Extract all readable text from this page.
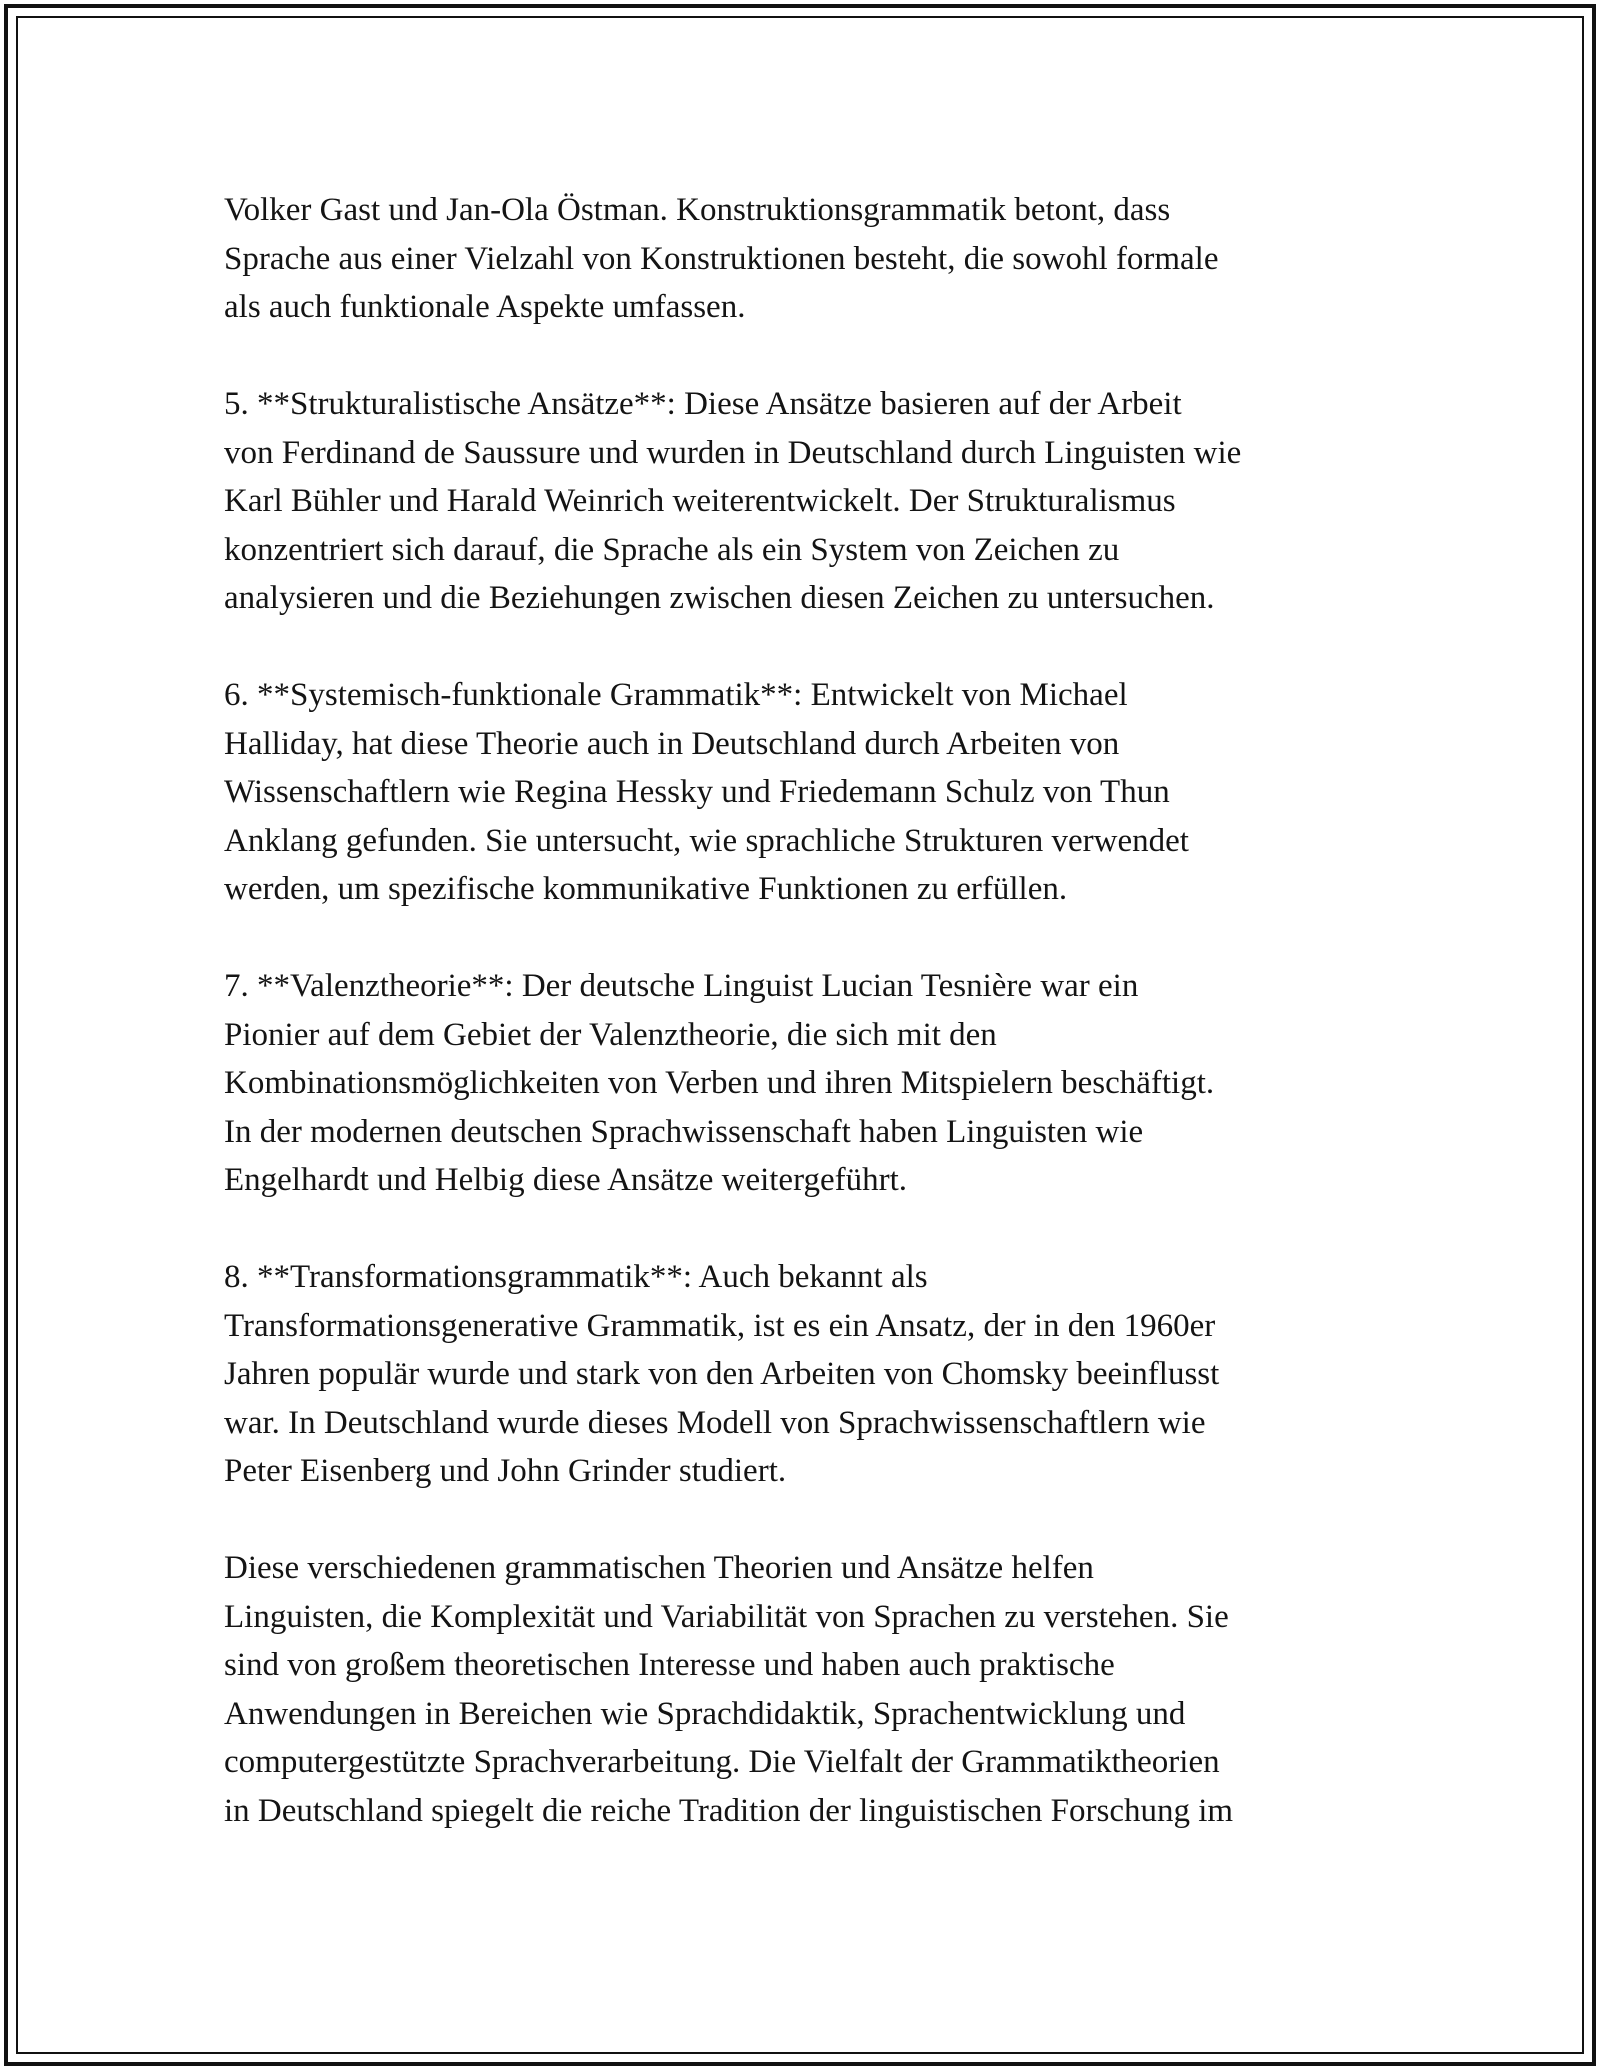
Volker Gast und Jan-Ola Östman. Konstruktionsgrammatik betont, dass
Sprache aus einer Vielzahl von Konstruktionen besteht, die sowohl formale
als auch funktionale Aspekte umfassen.
5. **Strukturalistische Ansätze**: Diese Ansätze basieren auf der Arbeit
von Ferdinand de Saussure und wurden in Deutschland durch Linguisten wie
Karl Bühler und Harald Weinrich weiterentwickelt. Der Strukturalismus
konzentriert sich darauf, die Sprache als ein System von Zeichen zu
analysieren und die Beziehungen zwischen diesen Zeichen zu untersuchen.
6. **Systemisch-funktionale Grammatik**: Entwickelt von Michael
Halliday, hat diese Theorie auch in Deutschland durch Arbeiten von
Wissenschaftlern wie Regina Hessky und Friedemann Schulz von Thun
Anklang gefunden. Sie untersucht, wie sprachliche Strukturen verwendet
werden, um spezifische kommunikative Funktionen zu erfüllen.
7. **Valenztheorie**: Der deutsche Linguist Lucian Tesnière war ein
Pionier auf dem Gebiet der Valenztheorie, die sich mit den
Kombinationsmöglichkeiten von Verben und ihren Mitspielern beschäftigt.
In der modernen deutschen Sprachwissenschaft haben Linguisten wie
Engelhardt und Helbig diese Ansätze weitergeführt.
8. **Transformationsgrammatik**: Auch bekannt als
Transformationsgenerative Grammatik, ist es ein Ansatz, der in den 1960er
Jahren populär wurde und stark von den Arbeiten von Chomsky beeinflusst
war. In Deutschland wurde dieses Modell von Sprachwissenschaftlern wie
Peter Eisenberg und John Grinder studiert.
Diese verschiedenen grammatischen Theorien und Ansätze helfen
Linguisten, die Komplexität und Variabilität von Sprachen zu verstehen. Sie
sind von großem theoretischen Interesse und haben auch praktische
Anwendungen in Bereichen wie Sprachdidaktik, Sprachentwicklung und
computergestützte Sprachverarbeitung. Die Vielfalt der Grammatiktheorien
in Deutschland spiegelt die reiche Tradition der linguistischen Forschung im
